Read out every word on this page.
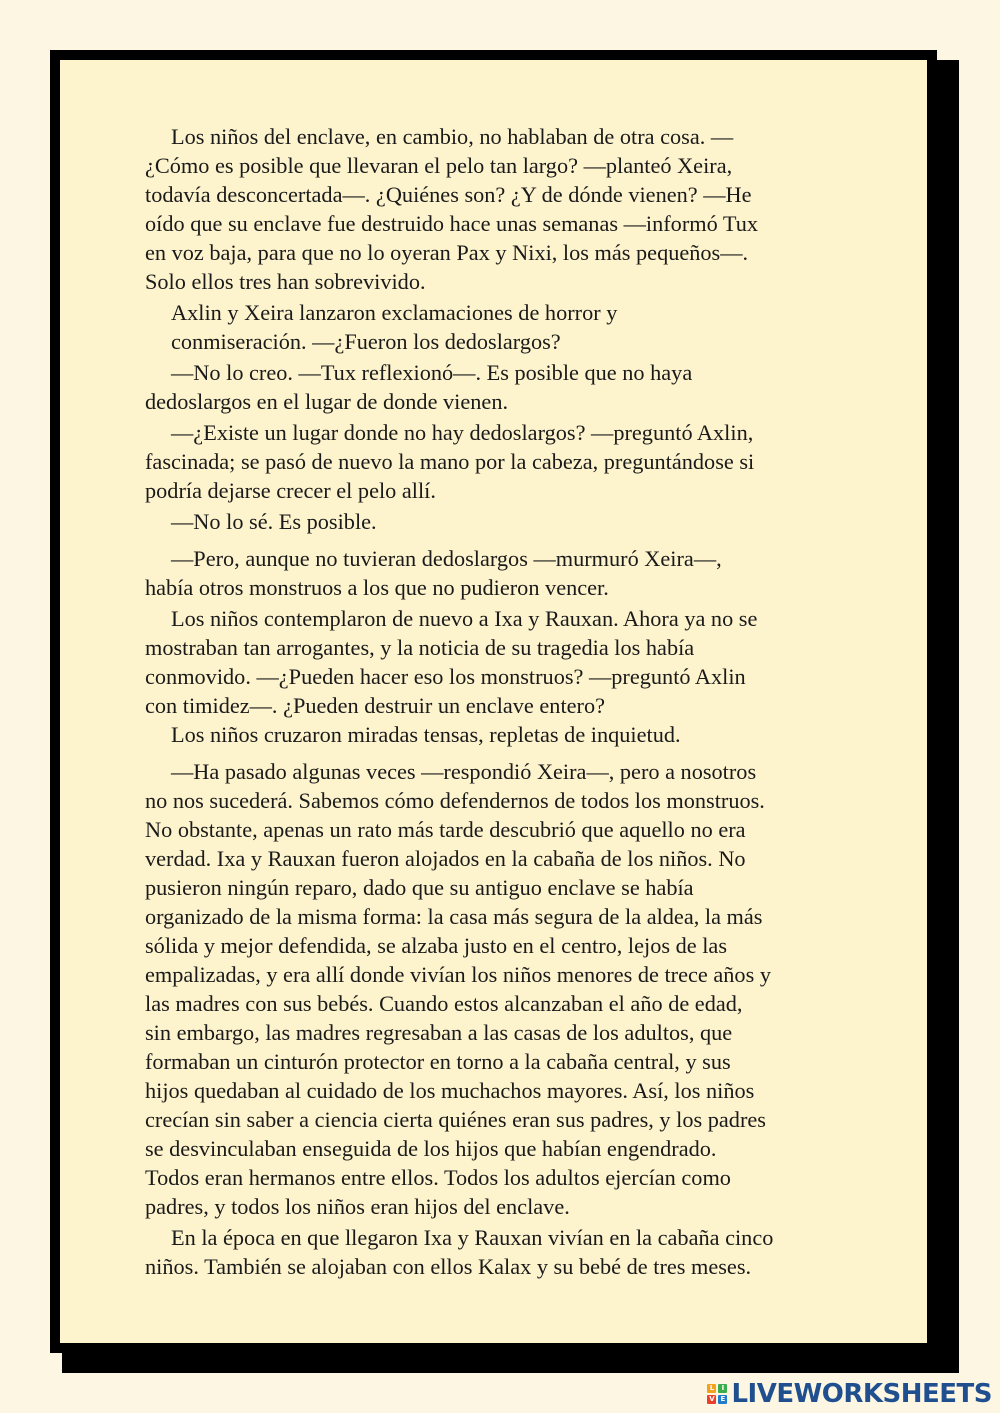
Los niños del enclave, en cambio, no hablaban de otra cosa. —
¿Cómo es posible que llevaran el pelo tan largo? —planteó Xeira,
todavía desconcertada—. ¿Quiénes son? ¿Y de dónde vienen? —He
oído que su enclave fue destruido hace unas semanas —informó Tux
en voz baja, para que no lo oyeran Pax y Nixi, los más pequeños—.
Solo ellos tres han sobrevivido.
Axlin y Xeira lanzaron exclamaciones de horror y
conmiseración. —¿Fueron los dedoslargos?
—No lo creo. —Tux reflexionó—. Es posible que no haya
dedoslargos en el lugar de donde vienen.
—¿Existe un lugar donde no hay dedoslargos? —preguntó Axlin,
fascinada; se pasó de nuevo la mano por la cabeza, preguntándose si
podría dejarse crecer el pelo allí.
—No lo sé. Es posible.
—Pero, aunque no tuvieran dedoslargos —murmuró Xeira—,
había otros monstruos a los que no pudieron vencer.
Los niños contemplaron de nuevo a Ixa y Rauxan. Ahora ya no se
mostraban tan arrogantes, y la noticia de su tragedia los había
conmovido. —¿Pueden hacer eso los monstruos? —preguntó Axlin
con timidez—. ¿Pueden destruir un enclave entero?
Los niños cruzaron miradas tensas, repletas de inquietud.
—Ha pasado algunas veces —respondió Xeira—, pero a nosotros
no nos sucederá. Sabemos cómo defendernos de todos los monstruos.
No obstante, apenas un rato más tarde descubrió que aquello no era
verdad. Ixa y Rauxan fueron alojados en la cabaña de los niños. No
pusieron ningún reparo, dado que su antiguo enclave se había
organizado de la misma forma: la casa más segura de la aldea, la más
sólida y mejor defendida, se alzaba justo en el centro, lejos de las
empalizadas, y era allí donde vivían los niños menores de trece años y
las madres con sus bebés. Cuando estos alcanzaban el año de edad,
sin embargo, las madres regresaban a las casas de los adultos, que
formaban un cinturón protector en torno a la cabaña central, y sus
hijos quedaban al cuidado de los muchachos mayores. Así, los niños
crecían sin saber a ciencia cierta quiénes eran sus padres, y los padres
se desvinculaban enseguida de los hijos que habían engendrado.
Todos eran hermanos entre ellos. Todos los adultos ejercían como
padres, y todos los niños eran hijos del enclave.
En la época en que llegaron Ixa y Rauxan vivían en la cabaña cinco
niños. También se alojaban con ellos Kalax y su bebé de tres meses.
L	I
V E LIVEWORKSHEETS
